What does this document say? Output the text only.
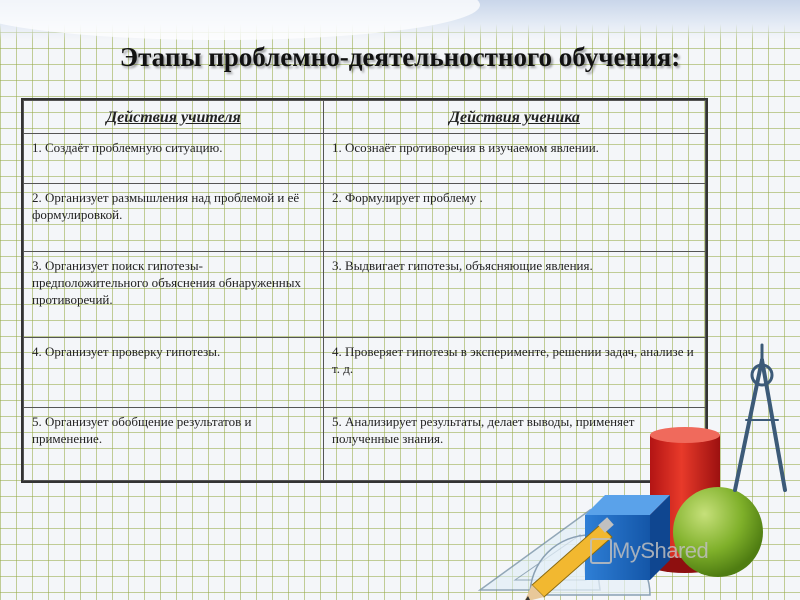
Этапы проблемно-деятельностного обучения:
Действия учителя	Действия ученика
1. Создаёт проблемную ситуацию.	1. Осознаёт противоречия в изучаемом явлении.
2. Организует размышления над проблемой и её формулировкой.	2. Формулирует проблему .
3. Организует поиск гипотезы- предположительного объяснения обнаруженных противоречий.	3. Выдвигает гипотезы, объясняющие явления.
4. Организует проверку гипотезы.	4. Проверяет гипотезы в эксперименте, решении задач, анализе и т. д.
5. Организует обобщение результатов и применение.	5. Анализирует результаты, делает выводы, применяет полученные знания.
MyShared
